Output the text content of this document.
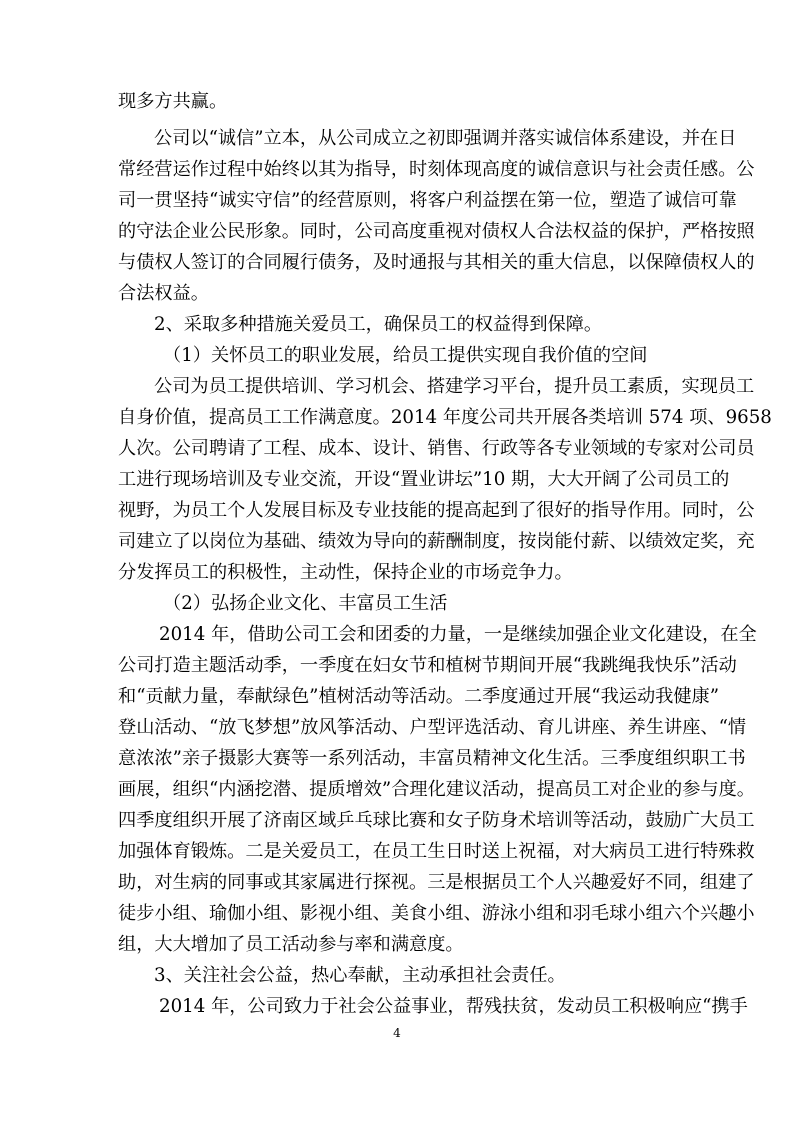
现多方共赢。
公司以“诚信”立本，从公司成立之初即强调并落实诚信体系建设，并在日
常经营运作过程中始终以其为指导，时刻体现高度的诚信意识与社会责任感。公
司一贯坚持“诚实守信”的经营原则，将客户利益摆在第一位，塑造了诚信可靠
的守法企业公民形象。同时，公司高度重视对债权人合法权益的保护，严格按照
与债权人签订的合同履行债务，及时通报与其相关的重大信息，以保障债权人的
合法权益。
2、采取多种措施关爱员工，确保员工的权益得到保障。
（1）关怀员工的职业发展，给员工提供实现自我价值的空间
公司为员工提供培训、学习机会、搭建学习平台，提升员工素质，实现员工
自身价值，提高员工工作满意度。2014 年度公司共开展各类培训 574 项、9658
人次。公司聘请了工程、成本、设计、销售、行政等各专业领域的专家对公司员
工进行现场培训及专业交流，开设“置业讲坛”10 期，大大开阔了公司员工的
视野，为员工个人发展目标及专业技能的提高起到了很好的指导作用。同时，公
司建立了以岗位为基础、绩效为导向的薪酬制度，按岗能付薪、以绩效定奖，充
分发挥员工的积极性，主动性，保持企业的市场竞争力。
（2）弘扬企业文化、丰富员工生活
2014 年，借助公司工会和团委的力量，一是继续加强企业文化建设，在全
公司打造主题活动季，一季度在妇女节和植树节期间开展“我跳绳我快乐”活动
和“贡献力量，奉献绿色”植树活动等活动。二季度通过开展“我运动我健康”
登山活动、“放飞梦想”放风筝活动、户型评选活动、育儿讲座、养生讲座、“情
意浓浓”亲子摄影大赛等一系列活动，丰富员精神文化生活。三季度组织职工书
画展，组织“内涵挖潜、提质增效”合理化建议活动，提高员工对企业的参与度。
四季度组织开展了济南区域乒乓球比赛和女子防身术培训等活动，鼓励广大员工
加强体育锻炼。二是关爱员工，在员工生日时送上祝福，对大病员工进行特殊救
助，对生病的同事或其家属进行探视。三是根据员工个人兴趣爱好不同，组建了
徒步小组、瑜伽小组、影视小组、美食小组、游泳小组和羽毛球小组六个兴趣小
组，大大增加了员工活动参与率和满意度。
3、关注社会公益，热心奉献，主动承担社会责任。
2014 年，公司致力于社会公益事业，帮残扶贫，发动员工积极响应“携手
4
